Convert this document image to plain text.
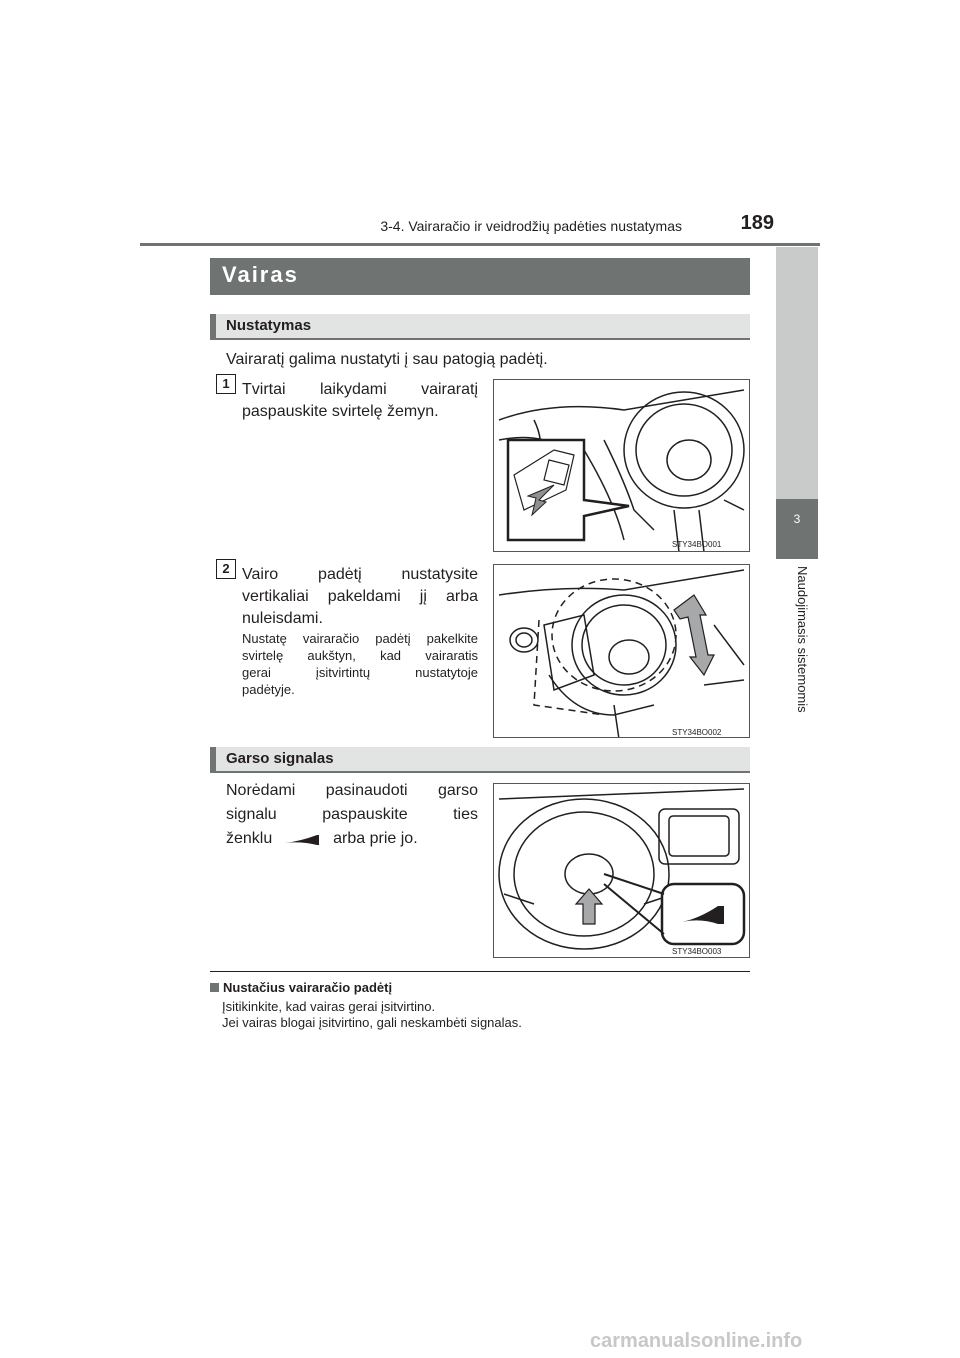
3-4. Vairaračio ir veidrodžių padėties nustatymas	189
3
Naudojimasis sistemomis
Vairas
Nustatymas
Vairaratį galima nustatyti į sau patogią padėtį.
1 Tvirtai laikydami vairaratį
paspauskite svirtelę žemyn.
STY34BO001
2 Vairo padėtį nustatysite
vertikaliai pakeldami jį arba
nuleisdami.
Nustatę vairaračio padėtį pakelkite
svirtelę aukštyn, kad vairaratis
gerai įsitvirtintų nustatytoje
padėtyje.
STY34BO002
Garso signalas
Norėdami pasinaudoti garso
signalu paspauskite ties
ženklu	arba prie jo.
STY34BO003
Nustačius vairaračio padėtį
Įsitikinkite, kad vairas gerai įsitvirtino.
Jei vairas blogai įsitvirtino, gali neskambėti signalas.
carmanualsonline.info
